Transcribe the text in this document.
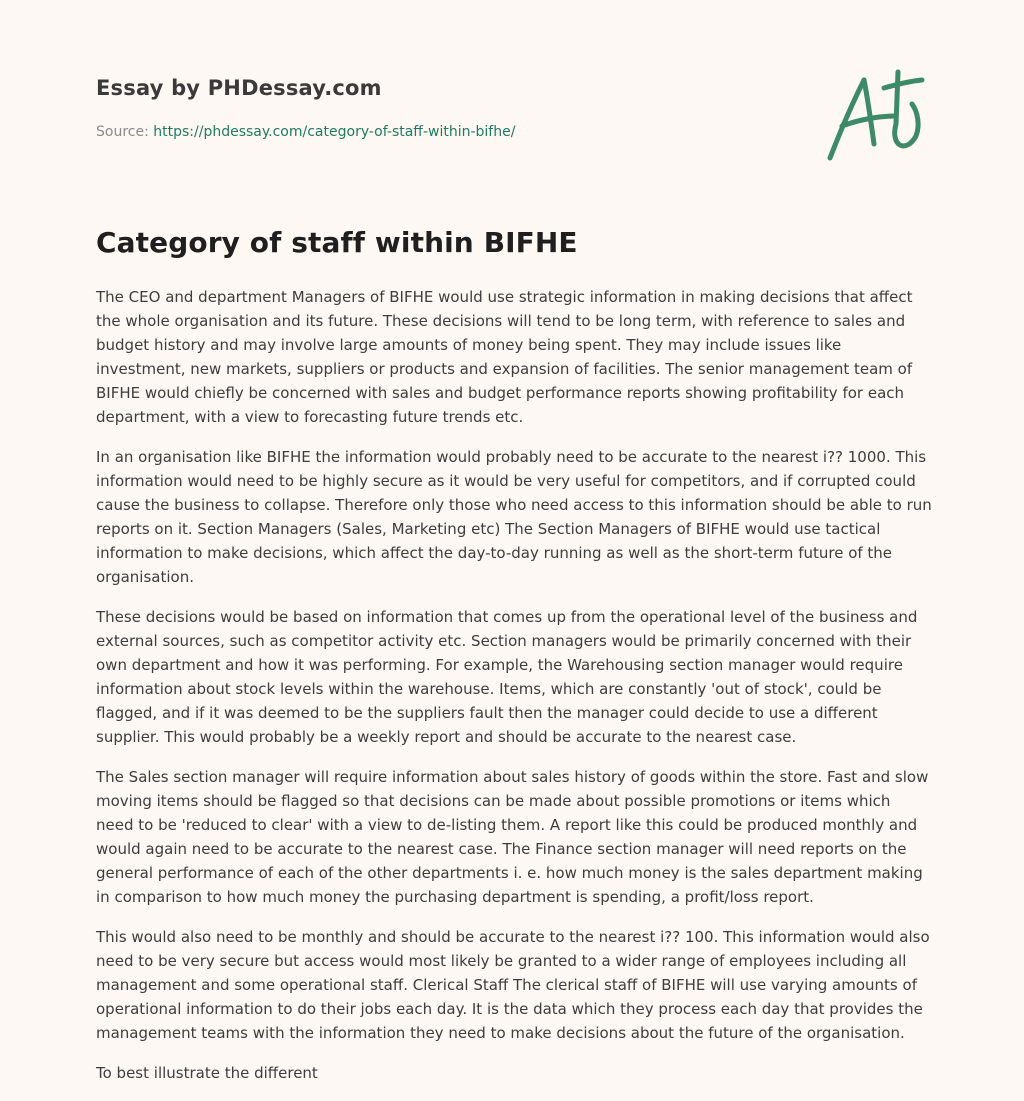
Essay by PHDessay.com
Source: https://phdessay.com/category-of-staff-within-bifhe/
Category of staff within BIFHE

The CEO and department Managers of BIFHE would use strategic information in making decisions that affect the whole organisation and its future. These decisions will tend to be long term, with reference to sales and budget history and may involve large amounts of money being spent. They may include issues like investment, new markets, suppliers or products and expansion of facilities. The senior management team of BIFHE would chiefly be concerned with sales and budget performance reports showing profitability for each department, with a view to forecasting future trends etc.

In an organisation like BIFHE the information would probably need to be accurate to the nearest i?? 1000. This information would need to be highly secure as it would be very useful for competitors, and if corrupted could cause the business to collapse. Therefore only those who need access to this information should be able to run reports on it. Section Managers (Sales, Marketing etc) The Section Managers of BIFHE would use tactical information to make decisions, which affect the day-to-day running as well as the short-term future of the organisation.

These decisions would be based on information that comes up from the operational level of the business and external sources, such as competitor activity etc. Section managers would be primarily concerned with their own department and how it was performing. For example, the Warehousing section manager would require information about stock levels within the warehouse. Items, which are constantly 'out of stock', could be flagged, and if it was deemed to be the suppliers fault then the manager could decide to use a different supplier. This would probably be a weekly report and should be accurate to the nearest case.

The Sales section manager will require information about sales history of goods within the store. Fast and slow moving items should be flagged so that decisions can be made about possible promotions or items which need to be 'reduced to clear' with a view to de-listing them. A report like this could be produced monthly and would again need to be accurate to the nearest case. The Finance section manager will need reports on the general performance of each of the other departments i. e. how much money is the sales department making in comparison to how much money the purchasing department is spending, a profit/loss report.

This would also need to be monthly and should be accurate to the nearest i?? 100. This information would also need to be very secure but access would most likely be granted to a wider range of employees including all management and some operational staff. Clerical Staff The clerical staff of BIFHE will use varying amounts of operational information to do their jobs each day. It is the data which they process each day that provides the management teams with the information they need to make decisions about the future of the organisation.

To best illustrate the different
